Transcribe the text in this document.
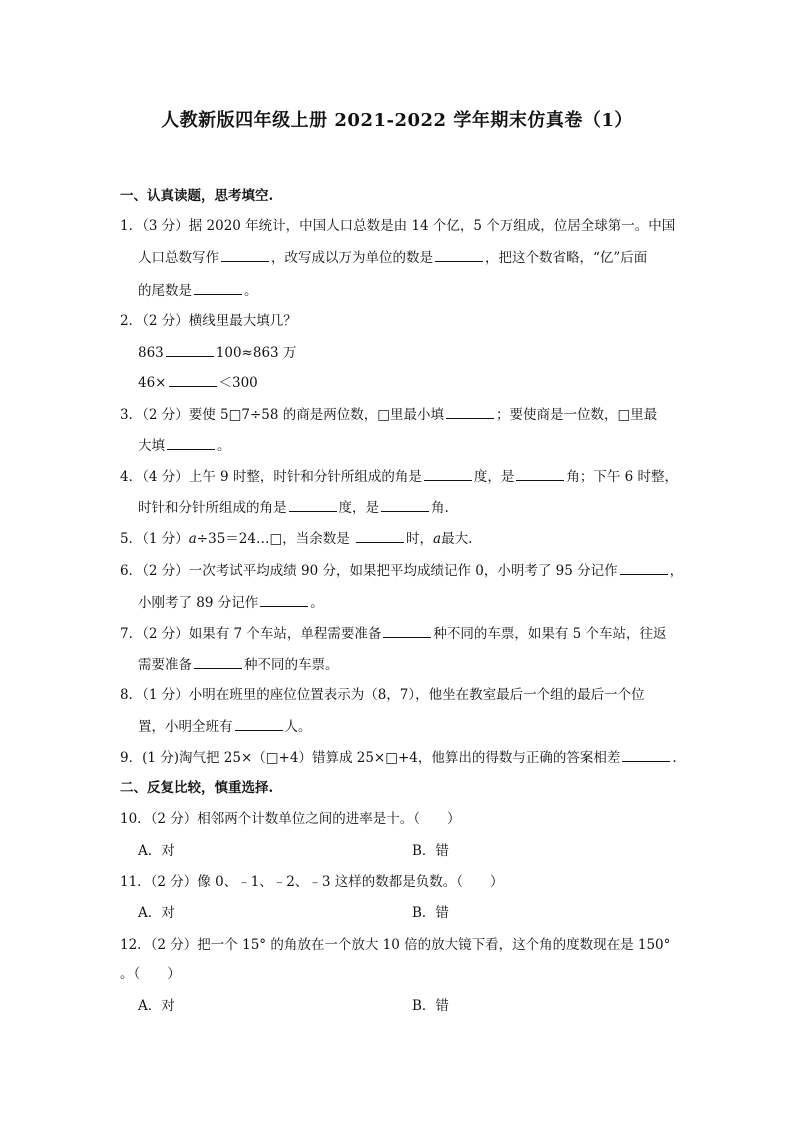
人教新版四年级上册 2021-2022 学年期末仿真卷（1）
一、认真读题，思考填空.
1．（3 分）据 2020 年统计，中国人口总数是由 14 个亿，5 个万组成，位居全球第一。中国
人口总数写作	，改写成以万为单位的数是	，把这个数省略，“亿”后面
的尾数是	。
2．（2 分）横线里最大填几？
863	100≈863 万
46×	＜300
3．（2 分）要使 5□7÷58 的商是两位数，□里最小填	；要使商是一位数，□里最
大填	。
4．（4 分）上午 9 时整，时针和分针所组成的角是	度，是	角；下午 6 时整，
时针和分针所组成的角是	度，是	角.
5．（1 分）a÷35＝24…□，当余数是	时，a最大.
6．（2 分）一次考试平均成绩 90 分，如果把平均成绩记作 0，小明考了 95 分记作	，
小刚考了 89 分记作	。
7．（2 分）如果有 7 个车站，单程需要准备	种不同的车票，如果有 5 个车站，往返
需要准备	种不同的车票。
8．（1 分）小明在班里的座位位置表示为（8，7），他坐在教室最后一个组的最后一个位
置，小明全班有	人。
9．(1 分)淘气把 25×（□+4）错算成 25×□+4，他算出的得数与正确的答案相差	.
二、反复比较，慎重选择.
10．（2 分）相邻两个计数单位之间的进率是十。（　　）
A．对	B．错
11．（2 分）像 0、﹣1、﹣2、﹣3 这样的数都是负数。（　　）
A．对	B．错
12．（2 分）把一个 15° 的角放在一个放大 10 倍的放大镜下看，这个角的度数现在是 150°
。（　　）
A．对	B．错
